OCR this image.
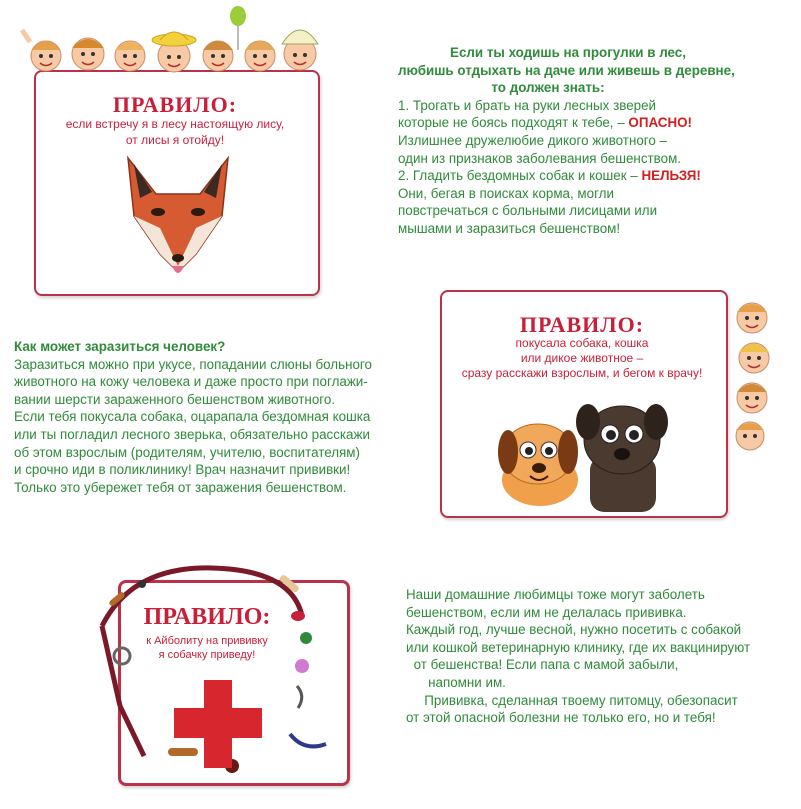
ПРАВИЛО:
если встречу я в лесу настоящую лису,
от лисы я отойду!
Если ты ходишь на прогулки в лес,
любишь отдыхать на даче или живешь в деревне,
то должен знать:
1. Трогать и брать на руки лесных зверей
которые не боясь подходят к тебе, – ОПАСНО!
Излишнее дружелюбие дикого животного –
один из признаков заболевания бешенством.
2. Гладить бездомных собак и кошек – НЕЛЬЗЯ!
Они, бегая в поисках корма, могли
повстречаться с больными лисицами или
мышами и заразиться бешенством!
ПРАВИЛО:
покусала собака, кошка
или дикое животное –
сразу расскажи взрослым, и бегом к врачу!
Как может заразиться человек?
Заразиться можно при укусе, попадании слюны больного
животного на кожу человека и даже просто при поглажи-
вании шерсти зараженного бешенством животного.
Если тебя покусала собака, оцарапала бездомная кошка
или ты погладил лесного зверька, обязательно расскажи
об этом взрослым (родителям, учителю, воспитателям)
и срочно иди в поликлинику! Врач назначит прививки!
Только это убережет тебя от заражения бешенством.
ПРАВИЛО:
к Айболиту на прививку
я собачку приведу!
Наши домашние любимцы тоже могут заболеть
бешенством, если им не делалась прививка.
Каждый год, лучше весной, нужно посетить с собакой
или кошкой ветеринарную клинику, где их вакцинируют
от бешенства! Если папа с мамой забыли,
напомни им.
Прививка, сделанная твоему питомцу, обезопасит
от этой опасной болезни не только его, но и тебя!
